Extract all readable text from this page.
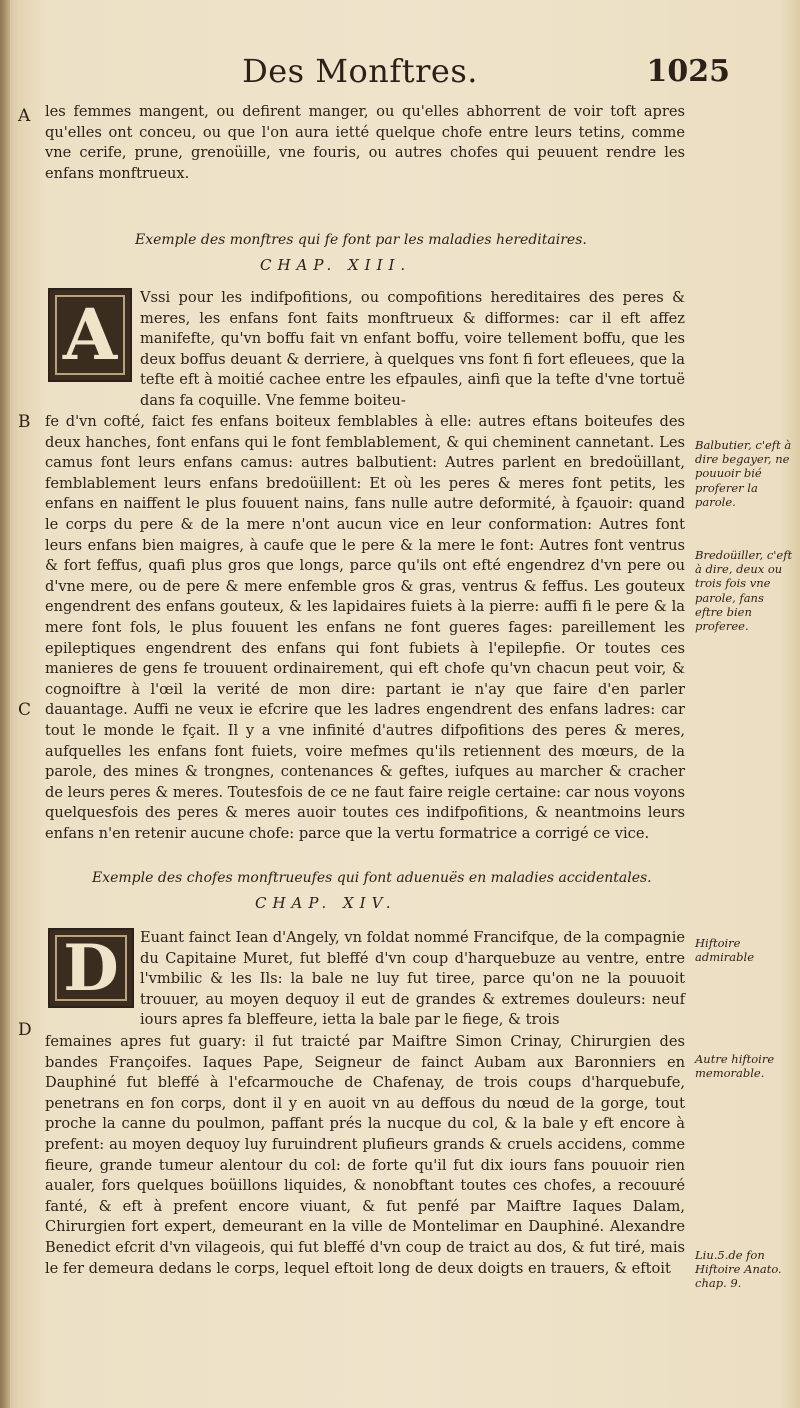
Des Monftres.	1025
A
B
C
D

les femmes mangent, ou defirent manger, ou qu'elles abhorrent de voir toft apres qu'elles ont conceu, ou que l'on aura ietté quelque chofe entre leurs tetins, comme vne cerife, prune, grenoüille, vne fouris, ou autres chofes qui peuuent rendre les enfans monftrueux.

Exemple des monftres qui fe font par les maladies hereditaires.
CHAP. XIII.
A	Vssi pour les indifpofitions, ou compofitions hereditaires des peres & meres, les enfans font faits monftrueux & difformes: car il eft affez manifefte, qu'vn boffu fait vn enfant boffu, voire tellement boffu, que les deux boffus deuant & derriere, à quelques vns font fi fort efleuees, que la tefte eft à moitié cachee entre les efpaules, ainfi que la tefte d'vne tortuë dans fa coquille. Vne femme boiteu-

fe d'vn cofté, faict fes enfans boiteux femblables à elle: autres eftans boiteufes des deux hanches, font enfans qui le font femblablement, & qui cheminent cannetant. Les camus font leurs enfans camus: autres balbutient: Autres parlent en bredoüillant, femblablement leurs enfans bredoüillent: Et où les peres & meres font petits, les enfans en naiffent le plus fouuent nains, fans nulle autre deformité, à fçauoir: quand le corps du pere & de la mere n'ont aucun vice en leur conformation: Autres font leurs enfans bien maigres, à caufe que le pere & la mere le font: Autres font ventrus & fort feffus, quafi plus gros que longs, parce qu'ils ont efté engendrez d'vn pere ou d'vne mere, ou de pere & mere enfemble gros & gras, ventrus & feffus. Les gouteux engendrent des enfans gouteux, & les lapidaires fuiets à la pierre: auffi fi le pere & la mere font fols, le plus fouuent les enfans ne font gueres fages: pareillement les epileptiques engendrent des enfans qui font fubiets à l'epilepfie. Or toutes ces manieres de gens fe trouuent ordinairement, qui eft chofe qu'vn chacun peut voir, & cognoiftre à l'œil la verité de mon dire: partant ie n'ay que faire d'en parler dauantage. Auffi ne veux ie efcrire que les ladres engendrent des enfans ladres: car tout le monde le fçait. Il y a vne infinité d'autres difpofitions des peres & meres, aufquelles les enfans font fuiets, voire mefmes qu'ils retiennent des mœurs, de la parole, des mines & trongnes, contenances & geftes, iufques au marcher & cracher de leurs peres & meres. Toutesfois de ce ne faut faire reigle certaine: car nous voyons quelquesfois des peres & meres auoir toutes ces indifpofitions, & neantmoins leurs enfans n'en retenir aucune chofe: parce que la vertu formatrice a corrigé ce vice.

Exemple des chofes monftrueufes qui font aduenuës en maladies accidentales.
CHAP. XIV.
D	Euant fainct Iean d'Angely, vn foldat nommé Francifque, de la compagnie du Capitaine Muret, fut bleffé d'vn coup d'harquebuze au ventre, entre l'vmbilic & les Ils: la bale ne luy fut tiree, parce qu'on ne la pouuoit trouuer, au moyen dequoy il eut de grandes & extremes douleurs: neuf iours apres fa bleffeure, ietta la bale par le fiege, & trois

femaines apres fut guary: il fut traicté par Maiftre Simon Crinay, Chirurgien des bandes Françoifes. Iaques Pape, Seigneur de fainct Aubam aux Baronniers en Dauphiné fut bleffé à l'efcarmouche de Chafenay, de trois coups d'harquebufe, penetrans en fon corps, dont il y en auoit vn au deffous du nœud de la gorge, tout proche la canne du poulmon, paffant prés la nucque du col, & la bale y eft encore à prefent: au moyen dequoy luy furuindrent plufieurs grands & cruels accidens, comme fieure, grande tumeur alentour du col: de forte qu'il fut dix iours fans pouuoir rien aualer, fors quelques boüillons liquides, & nonobftant toutes ces chofes, a recouuré fanté, & eft à prefent encore viuant, & fut penfé par Maiftre Iaques Dalam, Chirurgien fort expert, demeurant en la ville de Montelimar en Dauphiné. Alexandre Benedict efcrit d'vn vilageois, qui fut bleffé d'vn coup de traict au dos, & fut tiré, mais le fer demeura dedans le corps, lequel eftoit long de deux doigts en trauers, & eftoit

Balbutier, c'eft à dire begayer, ne pouuoir bié proferer la parole.
Bredoüiller, c'eft à dire, deux ou trois fois vne parole, fans eftre bien proferee.
Hiftoire admirable
Autre hiftoire memorable.
Liu.5.de fon Hiftoire Anato. chap. 9.
